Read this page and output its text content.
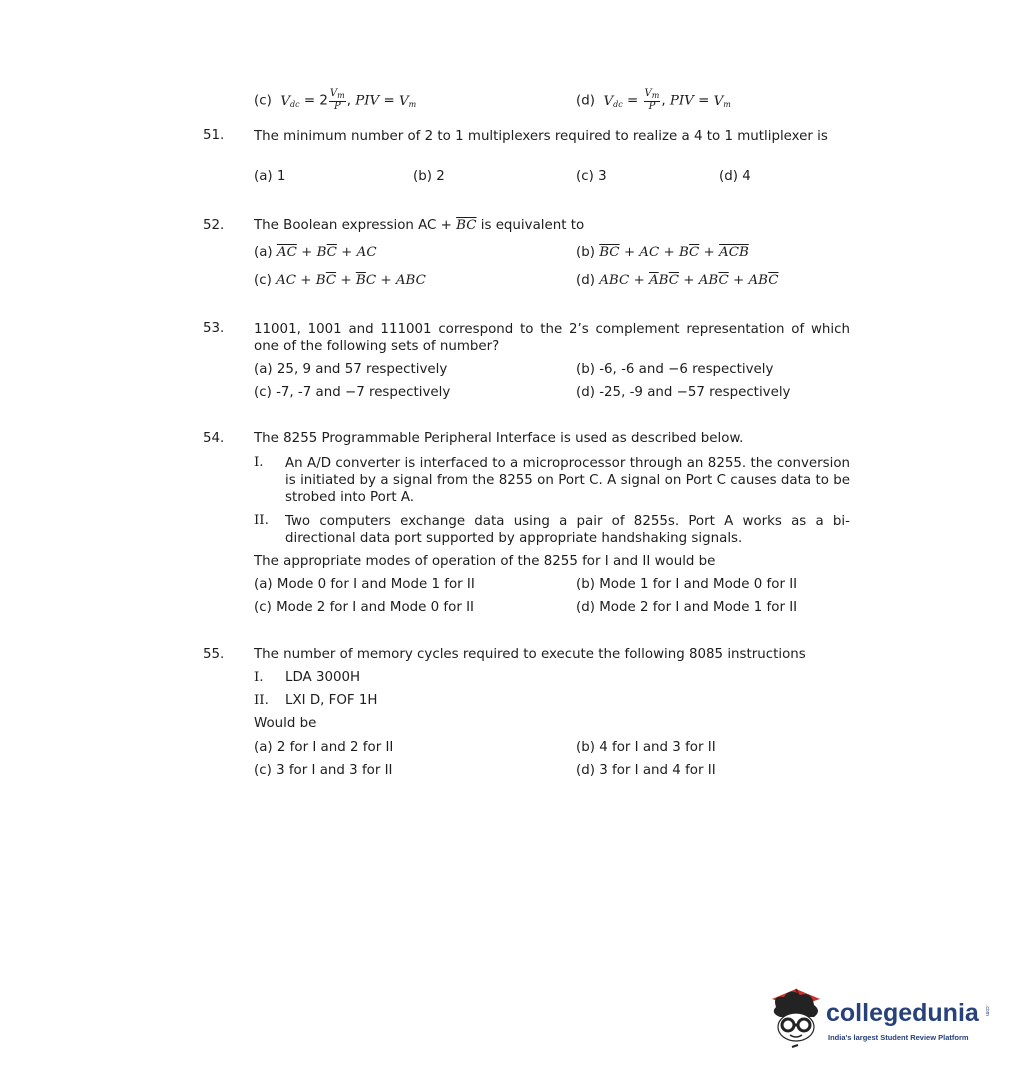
(c) Vdc = $2 \frac{V_m}{P}$ , PIV = Vm	(d) Vdc = $\frac{V_m}{P}$ , PIV = Vm
51. The minimum number of 2 to 1 multiplexers required to realize a 4 to 1 mutliplexer is
(a) 1	(b) 2	(c) 3	(d) 4
52. The Boolean expression AC + $\overline{BC}$ is equivalent to
(a) $\overline{AC} + B\overline{C}$ + AC	(b) $\overline{BC}$ + AC + $B\overline{C} + \overline{ACB}$
(c) AC + $B\overline{C} + \overline{B}C$ + ABC	(d) ABC + $\overline{A}B\overline{C} + AB\overline{C} + AB\overline{C}$
53. 11001, 1001 and 111001 correspond to the 2’s complement representation of which one of the following sets of number?
(a) 25, 9 and 57 respectively	(b) -6, -6 and −6 respectively
(c) -7, -7 and −7 respectively	(d) -25, -9 and −57 respectively
54. The 8255 Programmable Peripheral Interface is used as described below.
I. An A/D converter is interfaced to a microprocessor through an 8255. the conversion is initiated by a signal from the 8255 on Port C. A signal on Port C causes data to be strobed into Port A.
II. Two computers exchange data using a pair of 8255s. Port A works as a bi-directional data port supported by appropriate handshaking signals.
The appropriate modes of operation of the 8255 for I and II would be
(a) Mode 0 for I and Mode 1 for II	(b) Mode 1 for I and Mode 0 for II
(c) Mode 2 for I and Mode 0 for II	(d) Mode 2 for I and Mode 1 for II
55. The number of memory cycles required to execute the following 8085 instructions
I. LDA 3000H
II. LXI D, FOF 1H
Would be
(a) 2 for I and 2 for II	(b) 4 for I and 3 for II
(c) 3 for I and 3 for II	(d) 3 for I and 4 for II
collegedunia .com
India's largest Student Review Platform
